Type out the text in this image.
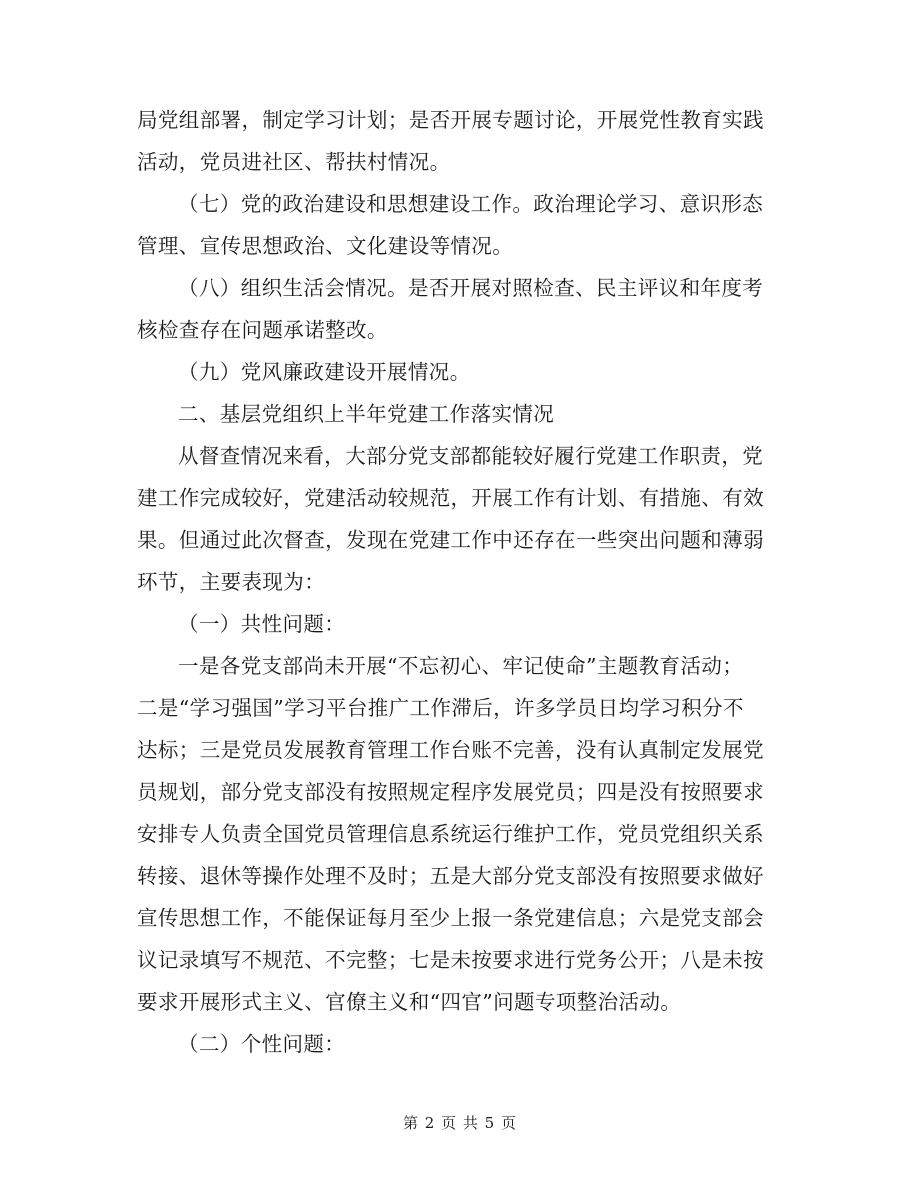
局党组部署，制定学习计划；是否开展专题讨论，开展党性教育实践
活动，党员进社区、帮扶村情况。
（七）党的政治建设和思想建设工作。政治理论学习、意识形态
管理、宣传思想政治、文化建设等情况。
（八）组织生活会情况。是否开展对照检查、民主评议和年度考
核检查存在问题承诺整改。
（九）党风廉政建设开展情况。
二、基层党组织上半年党建工作落实情况
从督查情况来看，大部分党支部都能较好履行党建工作职责，党
建工作完成较好，党建活动较规范，开展工作有计划、有措施、有效
果。但通过此次督查，发现在党建工作中还存在一些突出问题和薄弱
环节，主要表现为：
（一）共性问题：
一是各党支部尚未开展“不忘初心、牢记使命”主题教育活动；
二是“学习强国”学习平台推广工作滞后，许多学员日均学习积分不
达标；三是党员发展教育管理工作台账不完善，没有认真制定发展党
员规划，部分党支部没有按照规定程序发展党员；四是没有按照要求
安排专人负责全国党员管理信息系统运行维护工作，党员党组织关系
转接、退休等操作处理不及时；五是大部分党支部没有按照要求做好
宣传思想工作，不能保证每月至少上报一条党建信息；六是党支部会
议记录填写不规范、不完整；七是未按要求进行党务公开；八是未按
要求开展形式主义、官僚主义和“四官”问题专项整治活动。
（二）个性问题：
第 2 页 共 5 页
